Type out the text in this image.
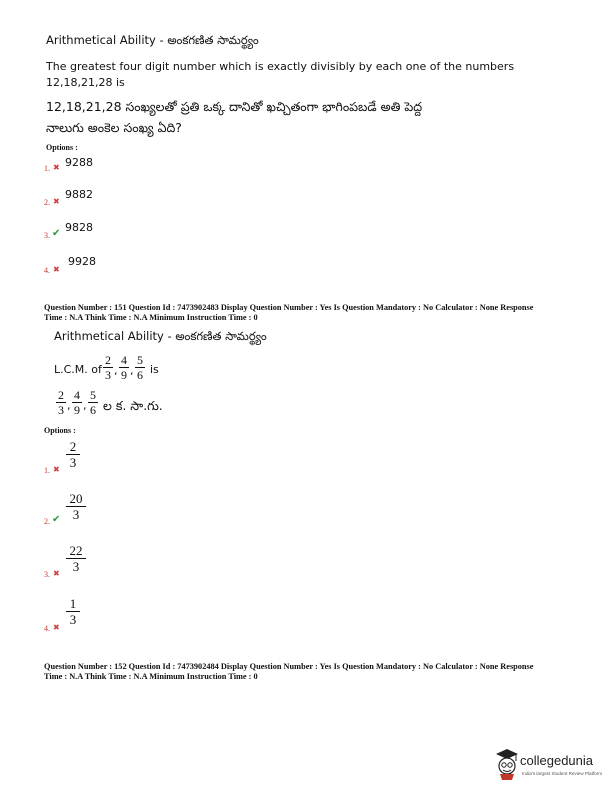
Arithmetical Ability - అంకగణిత సామర్థ్యం
The greatest four digit number which is exactly divisibly by each one of the numbers
12,18,21,28 is
12,18,21,28 సంఖ్యలతో ప్రతి ఒక్క దానితో ఖచ్చితంగా భాగింపబడే అతి పెద్ద
నాలుగు అంకెల సంఖ్య ఏది?
Options :
1. ✖ 9288
2. ✖
9882
3. ✔ 9828
4. ✖
9928
Question Number : 151 Question Id : 7473902483 Display Question Number : Yes Is Question Mandatory : No Calculator : None Response
Time : N.A Think Time : N.A Minimum Instruction Time : 0
Arithmetical Ability - అంకగణిత సామర్థ్యం
L.C.M. of
2
3 ,
4
9 ,
5
6 is
2
3 ,
4
9 ,
5
6 ల క. సా.గు.
Options :
1. ✖
2
3
2. ✔
20
3
3. ✖
22
3
4. ✖
1
3
Question Number : 152 Question Id : 7473902484 Display Question Number : Yes Is Question Mandatory : No Calculator : None Response
Time : N.A Think Time : N.A Minimum Instruction Time : 0
collegedunia
India's largest Student Review Platform
